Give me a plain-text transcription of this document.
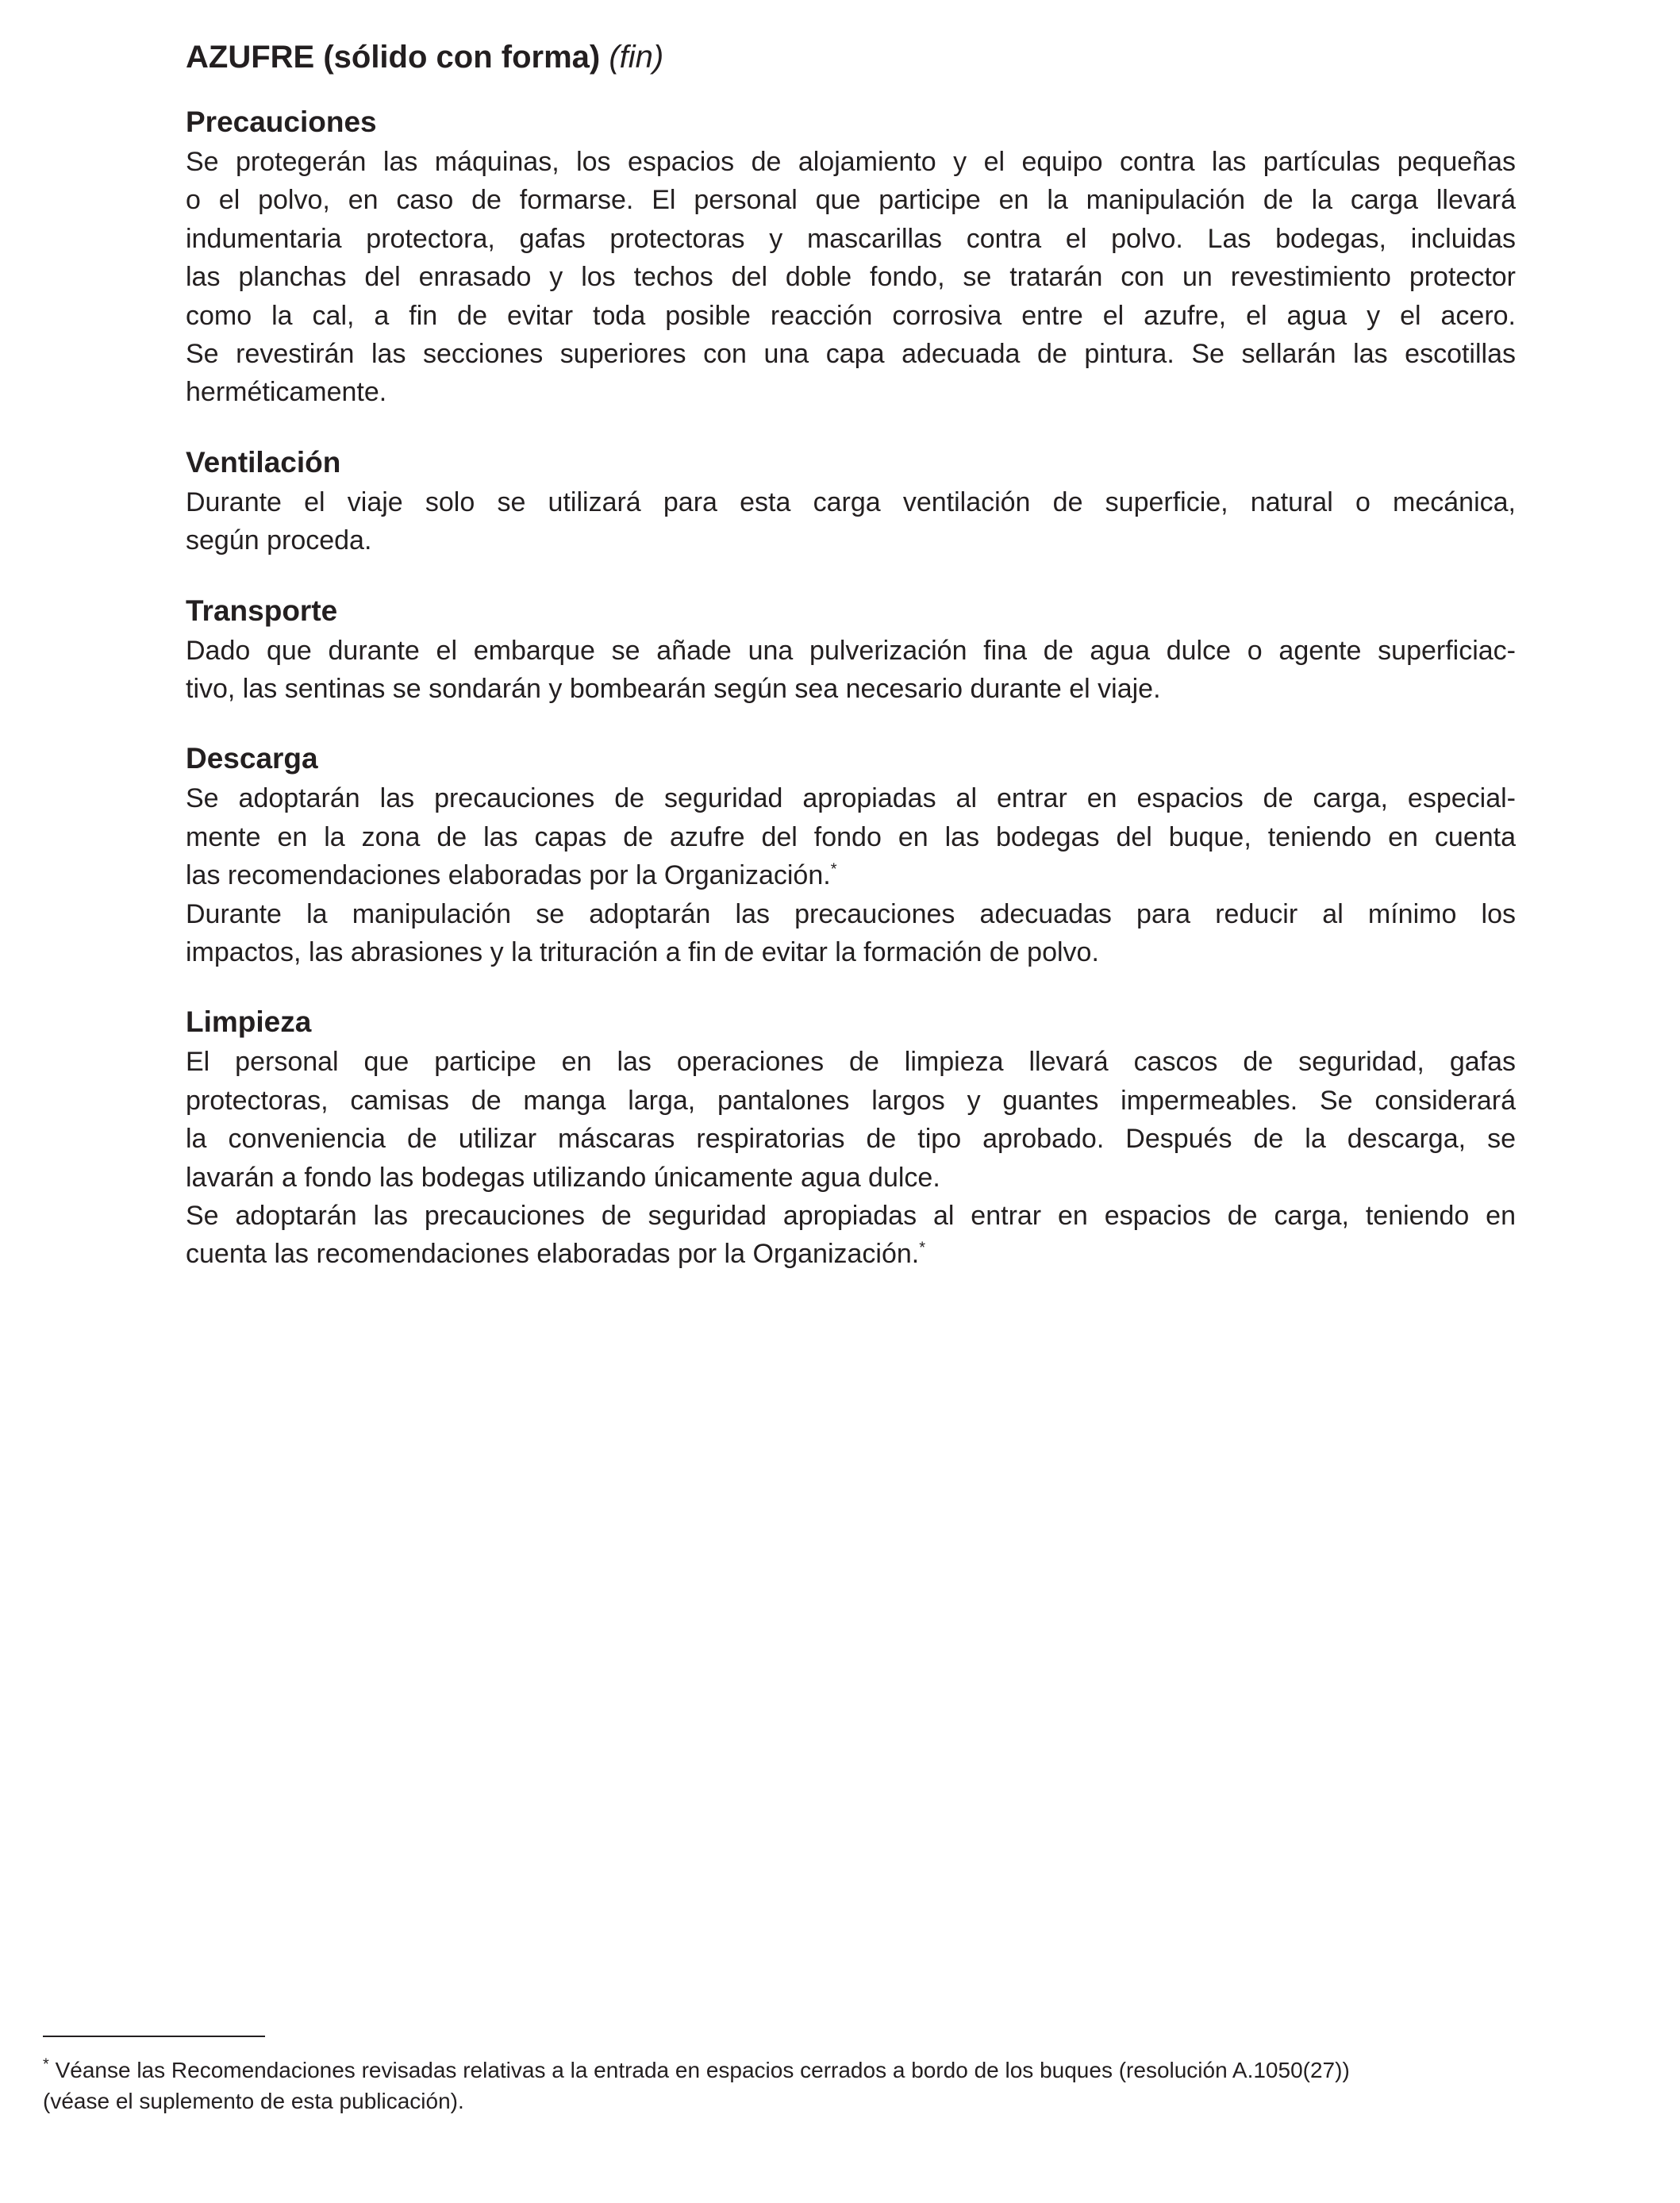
AZUFRE (sólido con forma) (fin)
Precauciones
Se protegerán las máquinas, los espacios de alojamiento y el equipo contra las partículas pequeñas
o el polvo, en caso de formarse. El personal que participe en la manipulación de la carga llevará
indumentaria protectora, gafas protectoras y mascarillas contra el polvo. Las bodegas, incluidas
las planchas del enrasado y los techos del doble fondo, se tratarán con un revestimiento protector
como la cal, a fin de evitar toda posible reacción corrosiva entre el azufre, el agua y el acero.
Se revestirán las secciones superiores con una capa adecuada de pintura. Se sellarán las escotillas
herméticamente.
Ventilación
Durante el viaje solo se utilizará para esta carga ventilación de superficie, natural o mecánica,
según proceda.
Transporte
Dado que durante el embarque se añade una pulverización fina de agua dulce o agente superficiac-
tivo, las sentinas se sondarán y bombearán según sea necesario durante el viaje.
Descarga
Se adoptarán las precauciones de seguridad apropiadas al entrar en espacios de carga, especial-
mente en la zona de las capas de azufre del fondo en las bodegas del buque, teniendo en cuenta
las recomendaciones elaboradas por la Organización.*
Durante la manipulación se adoptarán las precauciones adecuadas para reducir al mínimo los
impactos, las abrasiones y la trituración a fin de evitar la formación de polvo.
Limpieza
El personal que participe en las operaciones de limpieza llevará cascos de seguridad, gafas
protectoras, camisas de manga larga, pantalones largos y guantes impermeables. Se considerará
la conveniencia de utilizar máscaras respiratorias de tipo aprobado. Después de la descarga, se
lavarán a fondo las bodegas utilizando únicamente agua dulce.
Se adoptarán las precauciones de seguridad apropiadas al entrar en espacios de carga, teniendo en
cuenta las recomendaciones elaboradas por la Organización.*
* Véanse las Recomendaciones revisadas relativas a la entrada en espacios cerrados a bordo de los buques (resolución A.1050(27))
(véase el suplemento de esta publicación).
